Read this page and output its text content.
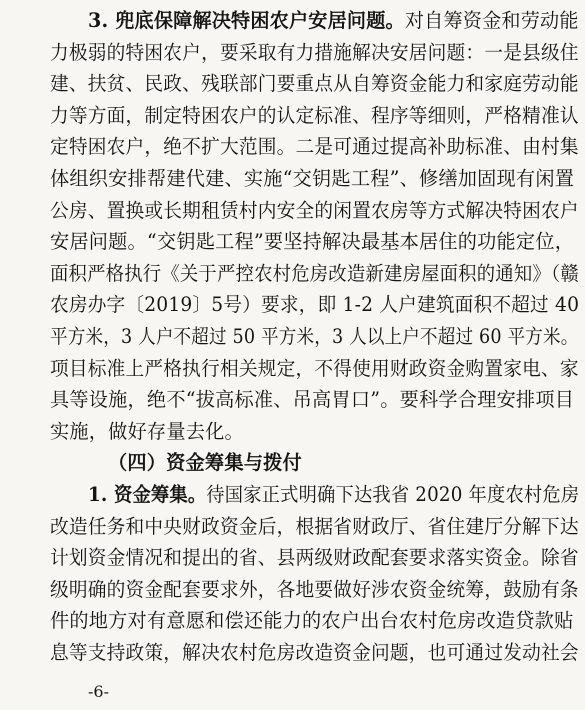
3. 兜底保障解决特困农户安居问题。对自筹资金和劳动能
力极弱的特困农户，要采取有力措施解决安居问题：一是县级住
建、扶贫、民政、残联部门要重点从自筹资金能力和家庭劳动能
力等方面，制定特困农户的认定标准、程序等细则，严格精准认
定特困农户，绝不扩大范围。二是可通过提高补助标准、由村集
体组织安排帮建代建、实施“交钥匙工程”、修缮加固现有闲置
公房、置换或长期租赁村内安全的闲置农房等方式解决特困农户
安居问题。“交钥匙工程”要坚持解决最基本居住的功能定位，
面积严格执行《关于严控农村危房改造新建房屋面积的通知》（赣
农房办字〔2019〕5号）要求，即 1-2 人户建筑面积不超过 40
平方米，3 人户不超过 50 平方米，3 人以上户不超过 60 平方米。
项目标准上严格执行相关规定，不得使用财政资金购置家电、家
具等设施，绝不“拔高标准、吊高胃口”。要科学合理安排项目
实施，做好存量去化。
（四）资金筹集与拨付
1. 资金筹集。待国家正式明确下达我省 2020 年度农村危房
改造任务和中央财政资金后，根据省财政厅、省住建厅分解下达
计划资金情况和提出的省、县两级财政配套要求落实资金。除省
级明确的资金配套要求外，各地要做好涉农资金统筹，鼓励有条
件的地方对有意愿和偿还能力的农户出台农村危房改造贷款贴
息等支持政策，解决农村危房改造资金问题，也可通过发动社会
-6-
